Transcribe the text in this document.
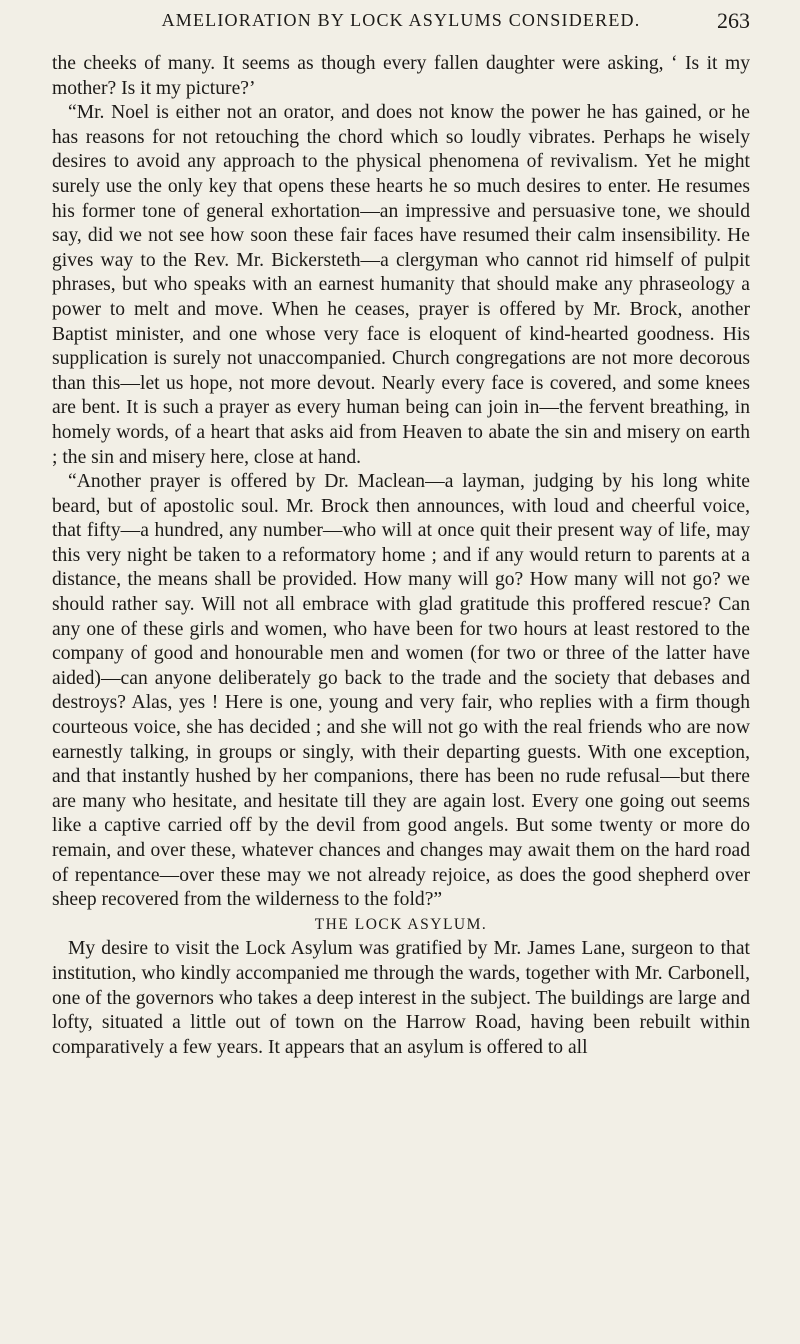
AMELIORATION BY LOCK ASYLUMS CONSIDERED.	263

the cheeks of many. It seems as though every fallen daughter were asking, ‘ Is it my mother? Is it my picture?’

“Mr. Noel is either not an orator, and does not know the power he has gained, or he has reasons for not retouching the chord which so loudly vibrates. Perhaps he wisely desires to avoid any approach to the physical phenomena of revivalism. Yet he might surely use the only key that opens these hearts he so much desires to enter. He resumes his former tone of general exhortation—an impressive and persuasive tone, we should say, did we not see how soon these fair faces have resumed their calm insensibility. He gives way to the Rev. Mr. Bickersteth—a clergyman who cannot rid himself of pulpit phrases, but who speaks with an earnest humanity that should make any phraseology a power to melt and move. When he ceases, prayer is offered by Mr. Brock, another Baptist minister, and one whose very face is eloquent of kind-hearted goodness. His supplication is surely not unaccompanied. Church congregations are not more decorous than this—let us hope, not more devout. Nearly every face is covered, and some knees are bent. It is such a prayer as every human being can join in—the fervent breathing, in homely words, of a heart that asks aid from Heaven to abate the sin and misery on earth ; the sin and misery here, close at hand.

“Another prayer is offered by Dr. Maclean—a layman, judging by his long white beard, but of apostolic soul. Mr. Brock then announces, with loud and cheerful voice, that fifty—a hundred, any number—who will at once quit their present way of life, may this very night be taken to a reformatory home ; and if any would return to parents at a distance, the means shall be provided. How many will go? How many will not go? we should rather say. Will not all embrace with glad gratitude this proffered rescue? Can any one of these girls and women, who have been for two hours at least restored to the company of good and honourable men and women (for two or three of the latter have aided)—can anyone deliberately go back to the trade and the society that debases and destroys? Alas, yes ! Here is one, young and very fair, who replies with a firm though courteous voice, she has decided ; and she will not go with the real friends who are now earnestly talking, in groups or singly, with their departing guests. With one exception, and that instantly hushed by her companions, there has been no rude refusal—but there are many who hesitate, and hesitate till they are again lost. Every one going out seems like a captive carried off by the devil from good angels. But some twenty or more do remain, and over these, whatever chances and changes may await them on the hard road of repentance—over these may we not already rejoice, as does the good shepherd over sheep recovered from the wilderness to the fold?”

THE LOCK ASYLUM.

My desire to visit the Lock Asylum was gratified by Mr. James Lane, surgeon to that institution, who kindly accompanied me through the wards, together with Mr. Carbonell, one of the governors who takes a deep interest in the subject. The buildings are large and lofty, situated a little out of town on the Harrow Road, having been rebuilt within comparatively a few years. It appears that an asylum is offered to all
